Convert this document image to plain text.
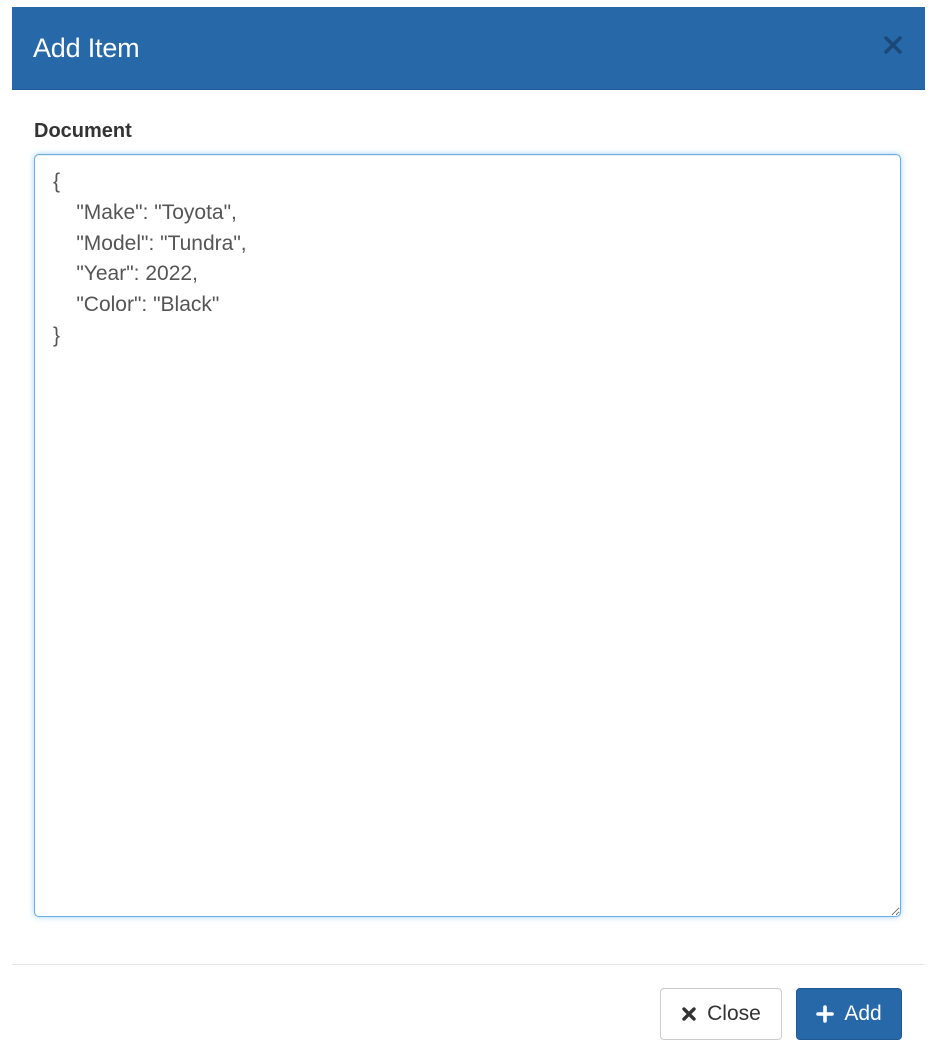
Add Item
Document
{ "Make": "Toyota", "Model": "Tundra", "Year": 2022, "Color": "Black" }
Close	Add
